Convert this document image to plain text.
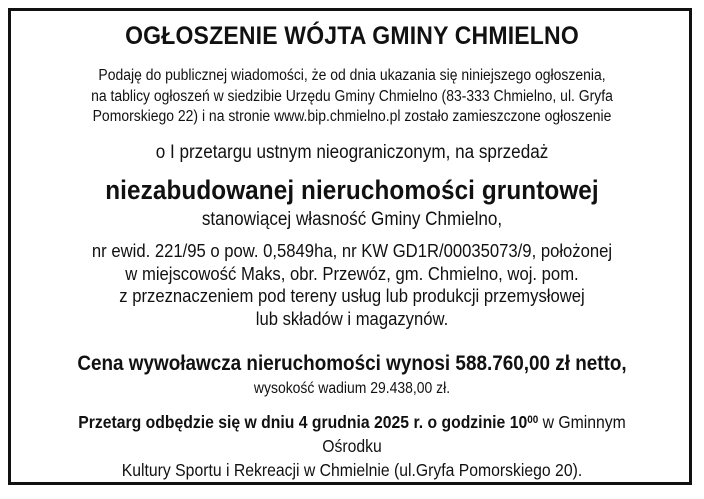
OGŁOSZENIE WÓJTA GMINY CHMIELNO
Podaję do publicznej wiadomości, że od dnia ukazania się niniejszego ogłoszenia,
na tablicy ogłoszeń w siedzibie Urzędu Gminy Chmielno (83-333 Chmielno, ul. Gryfa
Pomorskiego 22) i na stronie www.bip.chmielno.pl zostało zamieszczone ogłoszenie
o I przetargu ustnym nieograniczonym, na sprzedaż
niezabudowanej nieruchomości gruntowej
stanowiącej własność Gminy Chmielno,
nr ewid. 221/95 o pow. 0,5849ha, nr KW GD1R/00035073/9, położonej
w miejscowość Maks, obr. Przewóz, gm. Chmielno, woj. pom.
z przeznaczeniem pod tereny usług lub produkcji przemysłowej
lub składów i magazynów.
Cena wywoławcza nieruchomości wynosi 588.760,00 zł netto,
wysokość wadium 29.438,00 zł.
Przetarg odbędzie się w dniu 4 grudnia 2025 r. o godzinie $10^{00}$ w Gminnym Ośrodku
Kultury Sportu i Rekreacji w Chmielnie (ul.Gryfa Pomorskiego 20).
